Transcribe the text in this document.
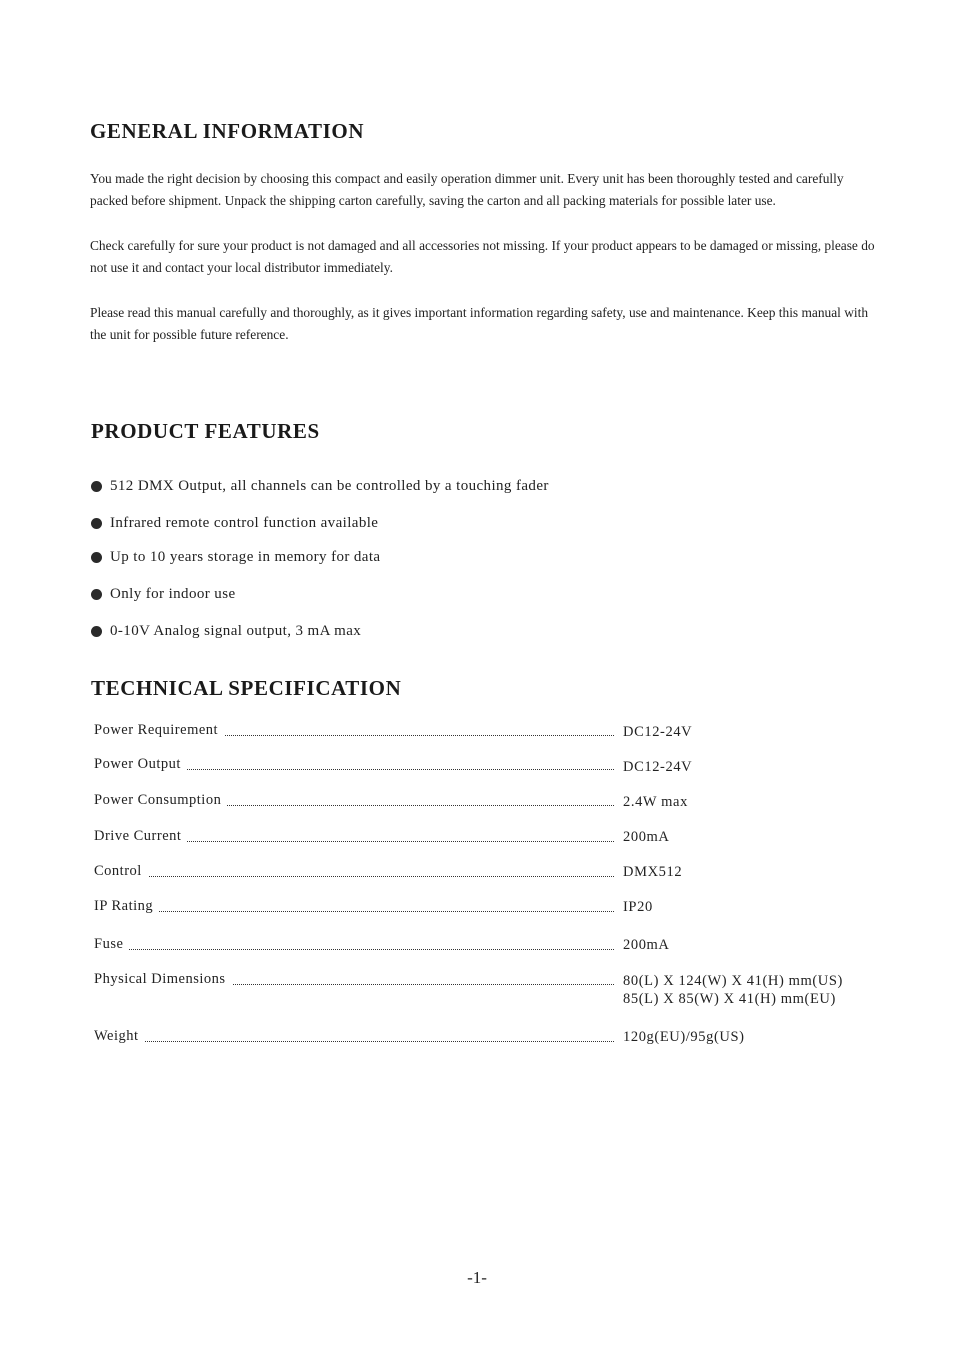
GENERAL INFORMATION

You made the right decision by choosing this compact and easily operation dimmer unit. Every unit has been thoroughly tested and carefully packed before shipment. Unpack the shipping carton carefully, saving the carton and all packing materials for possible later use.

Check carefully for sure your product is not damaged and all accessories not missing. If your product appears to be damaged or missing, please do not use it and contact your local distributor immediately.

Please read this manual carefully and thoroughly, as it gives important information regarding safety, use and maintenance. Keep this manual with the unit for possible future reference.

PRODUCT FEATURES
512 DMX Output, all channels can be controlled by a touching fader
Infrared remote control function available
Up to 10 years storage in memory for data
Only for indoor use
0-10V Analog signal output, 3 mA max
TECHNICAL SPECIFICATION
Power Requirement	DC12-24V
Power Output	DC12-24V
Power Consumption	2.4W max
Drive Current	200mA
Control	DMX512
IP Rating	IP20
Fuse	200mA
Physical Dimensions	80(L) X 124(W) X 41(H) mm(US)
85(L) X 85(W) X 41(H) mm(EU)
Weight	120g(EU)/95g(US)
-1-
